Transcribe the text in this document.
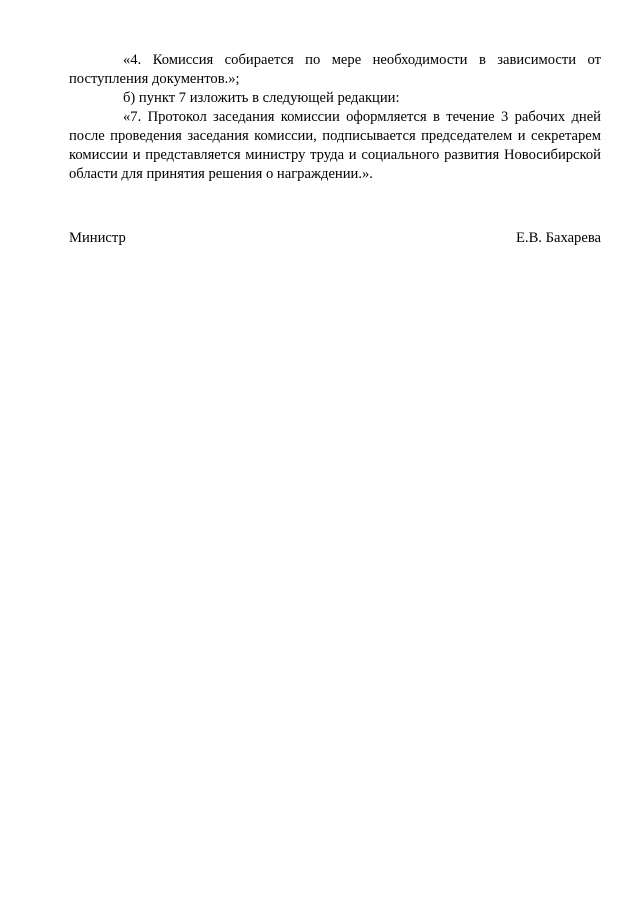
«4. Комиссия собирается по мере необходимости в зависимости от поступления документов.»;

б) пункт 7 изложить в следующей редакции:

«7. Протокол заседания комиссии оформляется в течение 3 рабочих дней после проведения заседания комиссии, подписывается председателем и секретарем комиссии и представляется министру труда и социального развития Новосибирской области для принятия решения о награждении.».

Министр	Е.В. Бахарева
